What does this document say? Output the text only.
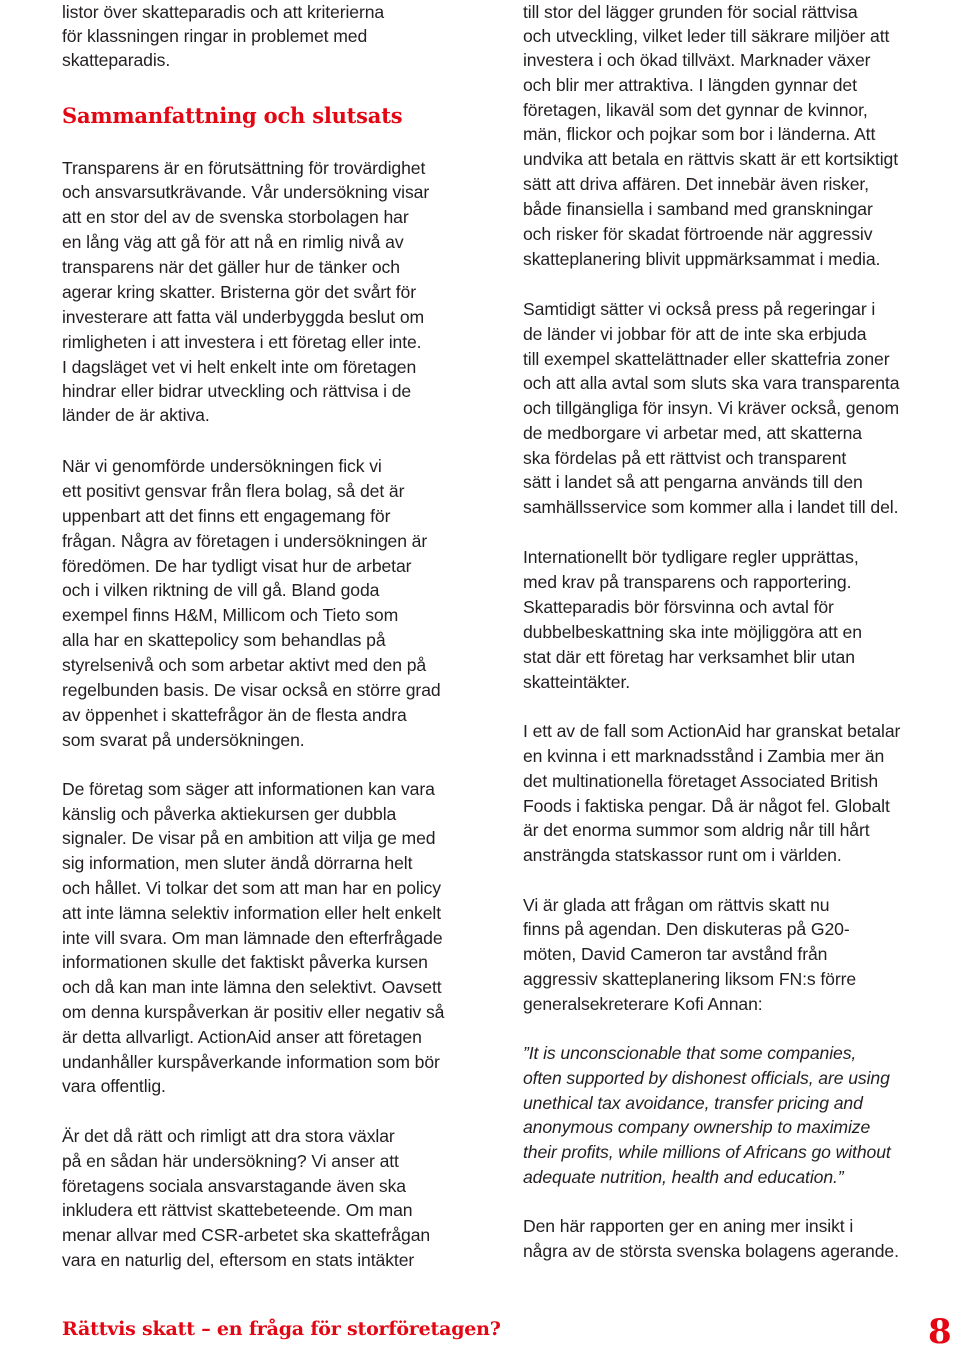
listor över skatteparadis och att kriterierna
för klassningen ringar in problemet med
skatteparadis.
Transparens är en förutsättning för trovärdighet
och ansvarsutkrävande. Vår undersökning visar
att en stor del av de svenska storbolagen har
en lång väg att gå för att nå en rimlig nivå av
transparens när det gäller hur de tänker och
agerar kring skatter. Bristerna gör det svårt för
investerare att fatta väl underbyggda beslut om
rimligheten i att investera i ett företag eller inte.
I dagsläget vet vi helt enkelt inte om företagen
hindrar eller bidrar utveckling och rättvisa i de
länder de är aktiva.
När vi genomförde undersökningen fick vi
ett positivt gensvar från flera bolag, så det är
uppenbart att det finns ett engagemang för
frågan. Några av företagen i undersökningen är
föredömen. De har tydligt visat hur de arbetar
och i vilken riktning de vill gå. Bland goda
exempel finns H&M, Millicom och Tieto som
alla har en skattepolicy som behandlas på
styrelsenivå och som arbetar aktivt med den på
regelbunden basis. De visar också en större grad
av öppenhet i skattefrågor än de flesta andra
som svarat på undersökningen.
De företag som säger att informationen kan vara
känslig och påverka aktiekursen ger dubbla
signaler. De visar på en ambition att vilja ge med
sig information, men sluter ändå dörrarna helt
och hållet. Vi tolkar det som att man har en policy
att inte lämna selektiv information eller helt enkelt
inte vill svara. Om man lämnade den efterfrågade
informationen skulle det faktiskt påverka kursen
och då kan man inte lämna den selektivt. Oavsett
om denna kurspåverkan är positiv eller negativ så
är detta allvarligt. ActionAid anser att företagen
undanhåller kurspåverkande information som bör
vara offentlig.
Är det då rätt och rimligt att dra stora växlar
på en sådan här undersökning? Vi anser att
företagens sociala ansvarstagande även ska
inkludera ett rättvist skattebeteende. Om man
menar allvar med CSR-arbetet ska skattefrågan
vara en naturlig del, eftersom en stats intäkter
Sammanfattning och slutsats
till stor del lägger grunden för social rättvisa
och utveckling, vilket leder till säkrare miljöer att
investera i och ökad tillväxt. Marknader växer
och blir mer attraktiva. I längden gynnar det
företagen, likaväl som det gynnar de kvinnor,
män, flickor och pojkar som bor i länderna. Att
undvika att betala en rättvis skatt är ett kortsiktigt
sätt att driva affären. Det innebär även risker,
både finansiella i samband med granskningar
och risker för skadat förtroende när aggressiv
skatteplanering blivit uppmärksammat i media.
Samtidigt sätter vi också press på regeringar i
de länder vi jobbar för att de inte ska erbjuda
till exempel skattelättnader eller skattefria zoner
och att alla avtal som sluts ska vara transparenta
och tillgängliga för insyn. Vi kräver också, genom
de medborgare vi arbetar med, att skatterna
ska fördelas på ett rättvist och transparent
sätt i landet så att pengarna används till den
samhällsservice som kommer alla i landet till del.
Internationellt bör tydligare regler upprättas,
med krav på transparens och rapportering.
Skatteparadis bör försvinna och avtal för
dubbelbeskattning ska inte möjliggöra att en
stat där ett företag har verksamhet blir utan
skatteintäkter.
I ett av de fall som ActionAid har granskat betalar
en kvinna i ett marknadsstånd i Zambia mer än
det multinationella företaget Associated British
Foods i faktiska pengar. Då är något fel. Globalt
är det enorma summor som aldrig når till hårt
ansträngda statskassor runt om i världen.
Vi är glada att frågan om rättvis skatt nu
finns på agendan. Den diskuteras på G20-
möten, David Cameron tar avstånd från
aggressiv skatteplanering liksom FN:s förre
generalsekreterare Kofi Annan:
”It is unconscionable that some companies,
often supported by dishonest officials, are using
unethical tax avoidance, transfer pricing and
anonymous company ownership to maximize
their profits, while millions of Africans go without
adequate nutrition, health and education.”
Den här rapporten ger en aning mer insikt i
några av de största svenska bolagens agerande.
Rättvis skatt – en fråga för storföretagen?	8
